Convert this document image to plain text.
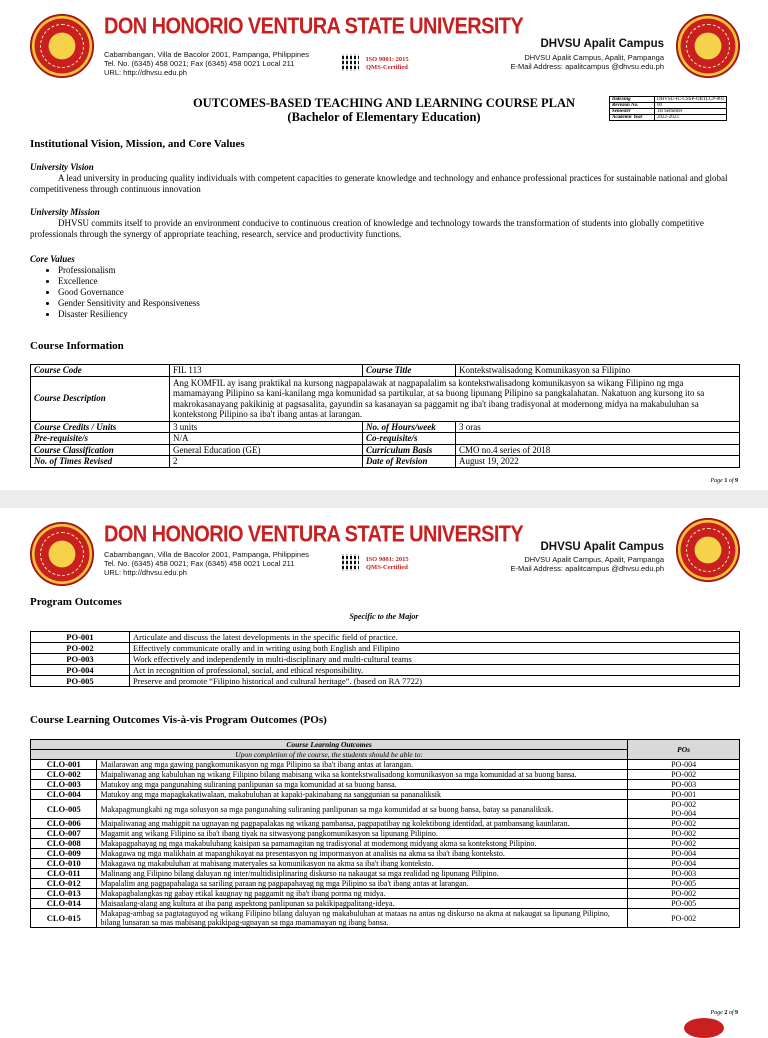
DON HONORIO VENTURA STATE UNIVERSITY
Cabambangan, Villa de Bacolor 2001, Pampanga, Philippines
Tel. No. (6345) 458 0021; Fax (6345) 458 0021 Local 211
URL: http://dhvsu.edu.ph
ISO 9001: 2015
QMS-Certified
DHVSU Apalit Campus
DHVSU Apalit Campus, Apalit, Pampanga
E-Mail Address: apalitcampus @dhvsu.edu.ph
OUTCOMES-BASED TEACHING AND LEARNING COURSE PLAN
(Bachelor of Elementary Education)
Indexing	DHVSU-IC-CSSP-OBTLCP-001
Revision No.	00
Semester	1st Semester
Academic Year	2022-2023
Institutional Vision, Mission, and Core Values
University Vision
A lead university in producing quality individuals with competent capacities to generate knowledge and technology and enhance professional practices for sustainable national and global competitiveness through continuous innovation
University Mission
DHVSU commits itself to provide an environment conducive to continuous creation of knowledge and technology towards the transformation of students into globally competitive professionals through the synergy of appropriate teaching, research, service and productivity functions.
Core Values
• Professionalism
• Excellence
• Good Governance
• Gender Sensitivity and Responsiveness
• Disaster Resiliency
Course Information
Course Code	FIL 113	Course Title	Kontekstwalisadong Komunikasyon sa Filipino
Course Description	Ang KOMFIL ay isang praktikal na kursong nagpapalawak at nagpapalalim sa kontekstwalisadong komunikasyon sa wikang Filipino ng mga mamamayang Pilipino sa kani-kanilang mga komunidad sa partikular, at sa buong lipunang Pilipino sa pangkalahatan. Nakatuon ang kursong ito sa makrokasanayang pakikinig at pagsasalita, gayundin sa kasanayan sa paggamit ng iba't ibang tradisyonal at modernong midya na makabuluhan sa kontekstong Pilipino sa iba't ibang antas at larangan.		
Course Credits / Units	3 units	No. of Hours/week	3 oras
Pre-requisite/s	N/A	Co-requisite/s	
Course Classification	General Education (GE)	Curriculum Basis	CMO no.4 series of 2018
No. of Times Revised	2	Date of Revision	August 19, 2022
Page 1 of 9
DON HONORIO VENTURA STATE UNIVERSITY
Cabambangan, Villa de Bacolor 2001, Pampanga, Philippines
Tel. No. (6345) 458 0021; Fax (6345) 458 0021 Local 211
URL: http://dhvsu.edu.ph
ISO 9001: 2015
QMS-Certified
DHVSU Apalit Campus
DHVSU Apalit Campus, Apalit, Pampanga
E-Mail Address: apalitcampus @dhvsu.edu.ph
Program Outcomes
Specific to the Major
PO-001	Articulate and discuss the latest developments in the specific field of practice.
PO-002	Effectively communicate orally and in writing using both English and Filipino
PO-003	Work effectively and independently in multi-disciplinary and multi-cultural teams
PO-004	Act in recognition of professional, social, and ethical responsibility.
PO-005	Preserve and promote “Filipino historical and cultural heritage”. (based on RA 7722)
Course Learning Outcomes Vis-à-vis Program Outcomes (POs)
Course Learning Outcomes		POs
Upon completion of the course, the students should be able to:		
CLO-001	Mailarawan ang mga gawing pangkomunikasyon ng mga Pilipino sa iba't ibang antas at larangan.	PO-004
CLO-002	Maipaliwanag ang kabuluhan ng wikang Filipino bilang mabisang wika sa kontekstwalisadong komunikasyon sa mga komunidad at sa buong bansa.	PO-002
CLO-003	Matukoy ang mga pangunahing suliraning panlipunan sa mga komunidad at sa buong bansa.	PO-003
CLO-004	Matukoy ang mga mapagkakatiwalaan, makabuluhan at kapaki-pakinabang na sanggunian sa pananaliksik	PO-001
CLO-005	Makapagmungkahi ng mga solusyon sa mga pangunahing suliraning panlipunan sa mga komunidad at sa buong bansa, batay sa pananaliksik.	PO-002
PO-004
CLO-006	Maipaliwanag ang mahigpit na ugnayan ng pagpapalakas ng wikang pambansa, pagpapatibay ng kolektibong identidad, at pambansang kaunlaran.	PO-002
CLO-007	Magamit ang wikang Filipino sa iba't ibang tiyak na sitwasyong pangkomunikasyon sa lipunang Pilipino.	PO-002
CLO-008	Makapagpahayag ng mga makabuluhang kaisipan sa pamamagitan ng tradisyonal at modernong midyang akma sa kontekstong Pilipino.	PO-002
CLO-009	Makagawa ng mga malikhain at mapanghikayat na presentasyon ng impormasyon at analisis na akma sa iba't ibang konteksto.	PO-004
CLO-010	Makagawa ng makabuluhan at mabisang materyales sa komunikasyon na akma sa iba't ibang konteksto.	PO-004
CLO-011	Malinang ang Filipino bilang daluyan ng inter/multidisiplinaring diskurso na nakaugat sa mga realidad ng lipunang Pilipino.	PO-003
CLO-012	Mapalalim ang pagpapahalaga sa sariling paraan ng pagpapahayag ng mga Pilipino sa iba't ibang antas at larangan.	PO-005
CLO-013	Makapagbalangkas ng gabay etikal kaugnay ng paggamit ng iba't ibang porma ng midya.	PO-002
CLO-014	Maisaalang-alang ang kultura at iba pang aspektong panlipunan sa pakikipagpalitang-ideya.	PO-005
CLO-015	Makapag-ambag sa pagtataguyod ng wikang Filipino bilang daluyan ng makabuluhan at mataas na antas ng diskurso na akma at nakaugat sa lipunang Pilipino, bilang lunsaran sa mas mabisang pakikipag-ugnayan sa mga mamamayan ng ibang bansa.	PO-002
Page 2 of 9
